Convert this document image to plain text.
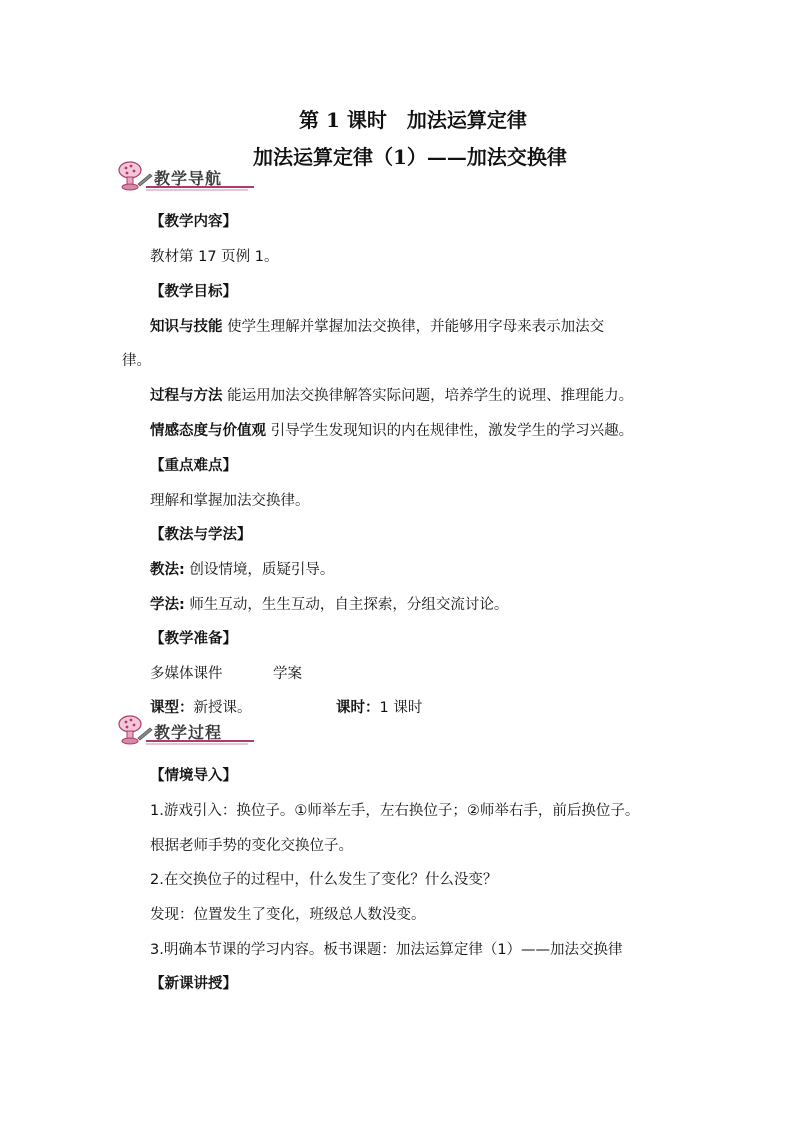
第 1 课时　加法运算定律
加法运算定律（1）——加法交换律
教学导航
【教学内容】
教材第 17 页例 1。
【教学目标】
知识与技能 使学生理解并掌握加法交换律，并能够用字母来表示加法交
律。
过程与方法 能运用加法交换律解答实际问题，培养学生的说理、推理能力。
情感态度与价值观 引导学生发现知识的内在规律性，激发学生的学习兴趣。
【重点难点】
理解和掌握加法交换律。
【教法与学法】
教法: 创设情境，质疑引导。
学法: 师生互动，生生互动，自主探索，分组交流讨论。
【教学准备】
多媒体课件	学案
课型：新授课。	课时：1 课时
教学过程
【情境导入】
1.游戏引入：换位子。①师举左手，左右换位子；②师举右手，前后换位子。
根据老师手势的变化交换位子。
2.在交换位子的过程中，什么发生了变化？什么没变？
发现：位置发生了变化，班级总人数没变。
3.明确本节课的学习内容。板书课题：加法运算定律（1）——加法交换律
【新课讲授】
